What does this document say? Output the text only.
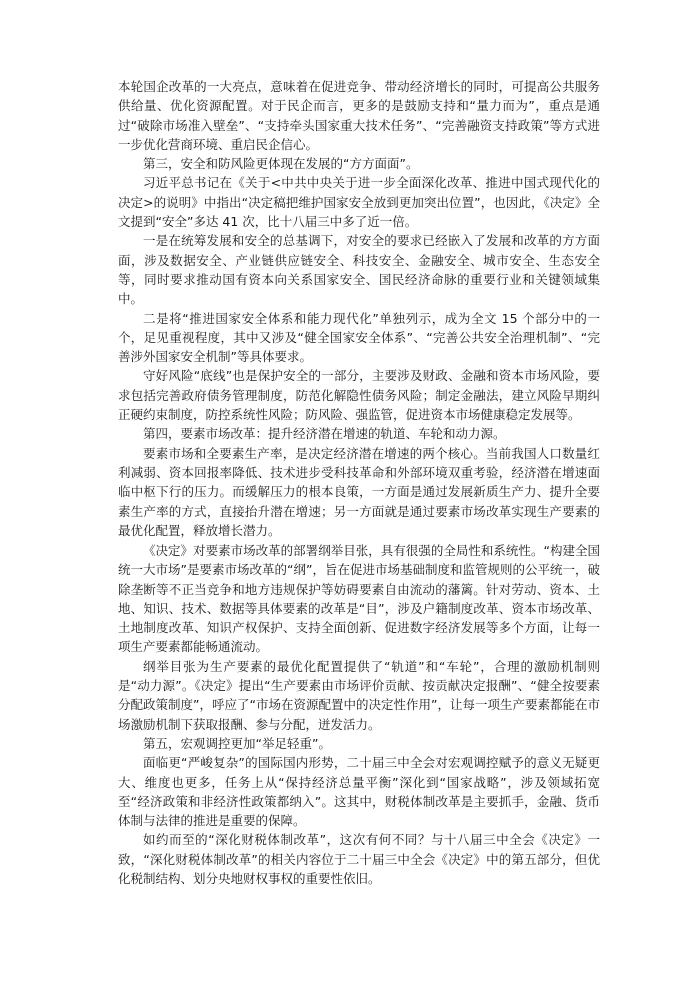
本轮国企改革的一大亮点，意味着在促进竞争、带动经济增长的同时，可提高公共服务供给量、优化资源配置。对于民企而言，更多的是鼓励支持和“量力而为”，重点是通过“破除市场准入壁垒”、“支持牵头国家重大技术任务”、“完善融资支持政策”等方式进一步优化营商环境、重启民企信心。

第三，安全和防风险更体现在发展的“方方面面”。

习近平总书记在《关于<中共中央关于进一步全面深化改革、推进中国式现代化的决定>的说明》中指出“决定稿把维护国家安全放到更加突出位置”，也因此，《决定》全文提到“安全”多达 41 次，比十八届三中多了近一倍。

一是在统筹发展和安全的总基调下，对安全的要求已经嵌入了发展和改革的方方面面，涉及数据安全、产业链供应链安全、科技安全、金融安全、城市安全、生态安全等，同时要求推动国有资本向关系国家安全、国民经济命脉的重要行业和关键领域集中。

二是将“推进国家安全体系和能力现代化”单独列示，成为全文 15 个部分中的一个，足见重视程度，其中又涉及“健全国家安全体系”、“完善公共安全治理机制”、“完善涉外国家安全机制”等具体要求。

守好风险“底线”也是保护安全的一部分，主要涉及财政、金融和资本市场风险，要求包括完善政府债务管理制度，防范化解隐性债务风险；制定金融法，建立风险早期纠正硬约束制度，防控系统性风险；防风险、强监管，促进资本市场健康稳定发展等。

第四，要素市场改革：提升经济潜在增速的轨道、车轮和动力源。

要素市场和全要素生产率，是决定经济潜在增速的两个核心。当前我国人口数量红利减弱、资本回报率降低、技术进步受科技革命和外部环境双重考验，经济潜在增速面临中枢下行的压力。而缓解压力的根本良策，一方面是通过发展新质生产力、提升全要素生产率的方式，直接抬升潜在增速；另一方面就是通过要素市场改革实现生产要素的最优化配置，释放增长潜力。

《决定》对要素市场改革的部署纲举目张，具有很强的全局性和系统性。“构建全国统一大市场”是要素市场改革的“纲”，旨在促进市场基础制度和监管规则的公平统一，破除垄断等不正当竞争和地方违规保护等妨碍要素自由流动的藩篱。针对劳动、资本、土地、知识、技术、数据等具体要素的改革是“目”，涉及户籍制度改革、资本市场改革、土地制度改革、知识产权保护、支持全面创新、促进数字经济发展等多个方面，让每一项生产要素都能畅通流动。

纲举目张为生产要素的最优化配置提供了“轨道”和“车轮”，合理的激励机制则是“动力源”。《决定》提出“生产要素由市场评价贡献、按贡献决定报酬”、“健全按要素分配政策制度”，呼应了“市场在资源配置中的决定性作用”，让每一项生产要素都能在市场激励机制下获取报酬、参与分配，迸发活力。

第五，宏观调控更加“举足轻重”。

面临更“严峻复杂”的国际国内形势，二十届三中全会对宏观调控赋予的意义无疑更大、维度也更多，任务上从“保持经济总量平衡”深化到“国家战略”，涉及领域拓宽至“经济政策和非经济性政策都纳入”。这其中，财税体制改革是主要抓手，金融、货币体制与法律的推进是重要的保障。

如约而至的“深化财税体制改革”，这次有何不同？与十八届三中全会《决定》一致，“深化财税体制改革”的相关内容位于二十届三中全会《决定》中的第五部分，但优化税制结构、划分央地财权事权的重要性依旧。
